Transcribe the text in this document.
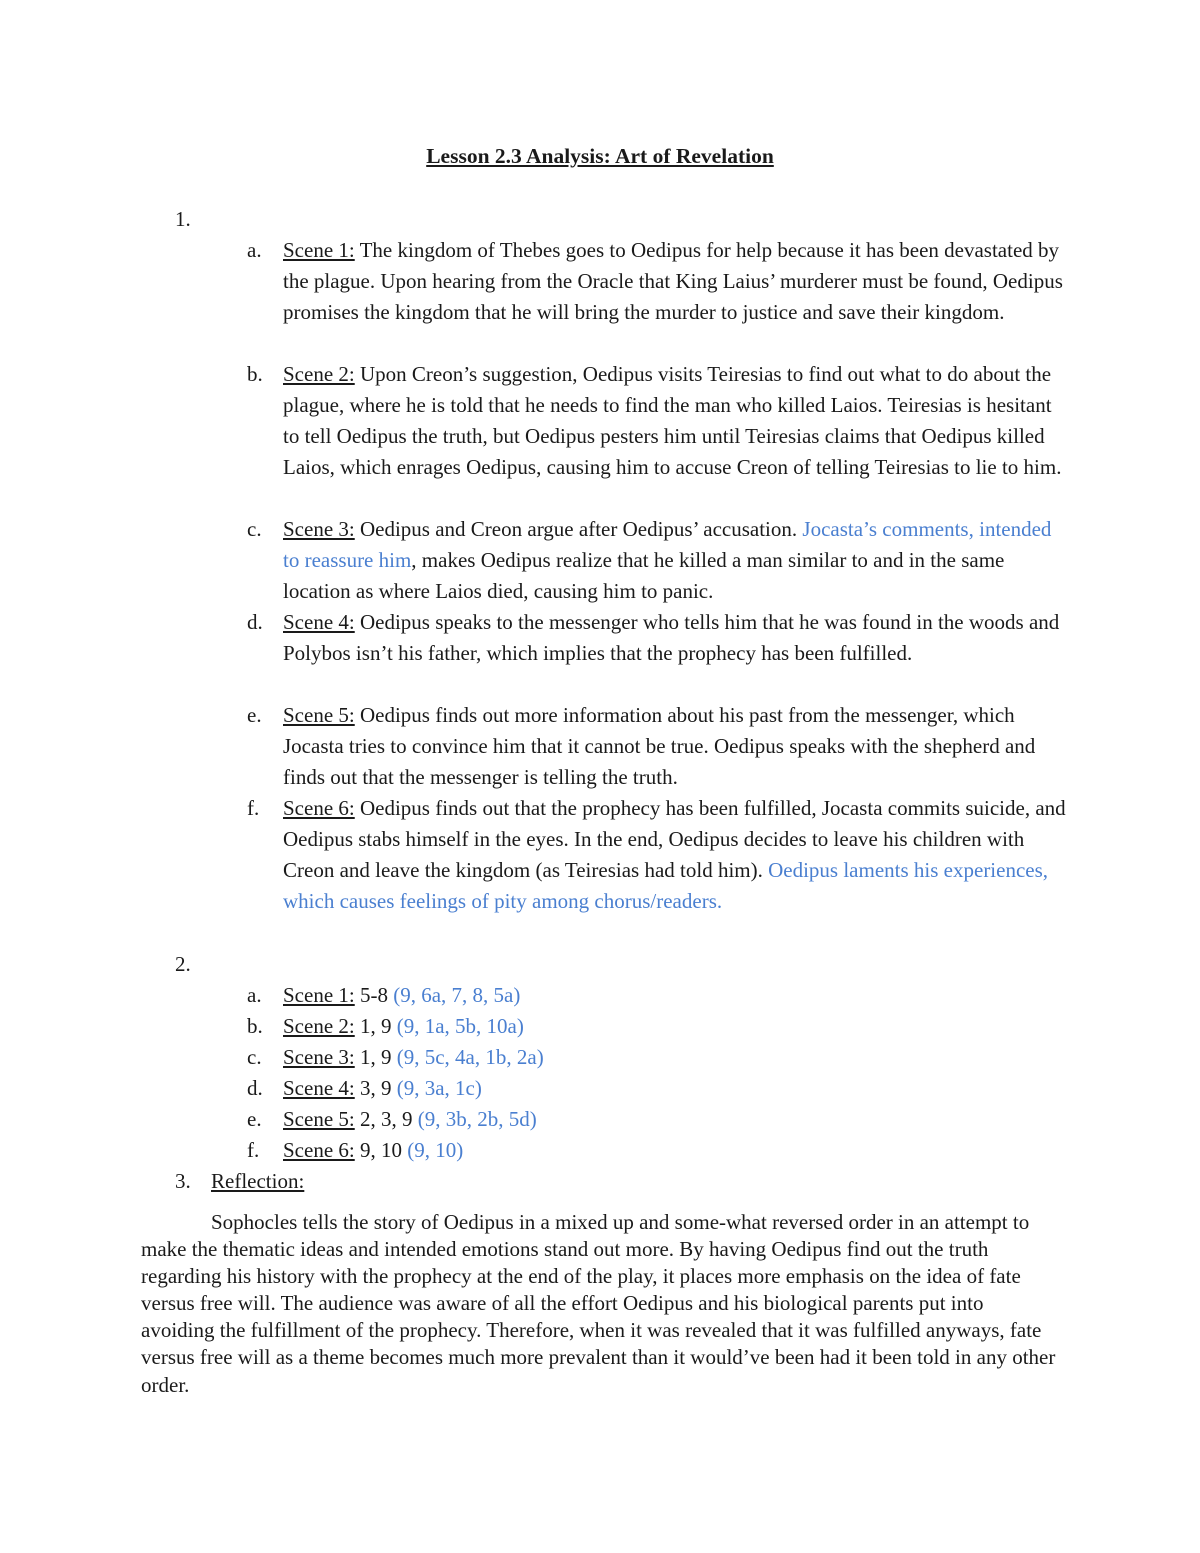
Lesson 2.3 Analysis: Art of Revelation
1.
a. Scene 1: The kingdom of Thebes goes to Oedipus for help because it has been devastated by the plague. Upon hearing from the Oracle that King Laius’ murderer must be found, Oedipus promises the kingdom that he will bring the murder to justice and save their kingdom.
b. Scene 2: Upon Creon’s suggestion, Oedipus visits Teiresias to find out what to do about the plague, where he is told that he needs to find the man who killed Laios. Teiresias is hesitant to tell Oedipus the truth, but Oedipus pesters him until Teiresias claims that Oedipus killed Laios, which enrages Oedipus, causing him to accuse Creon of telling Teiresias to lie to him.
c. Scene 3: Oedipus and Creon argue after Oedipus’ accusation. Jocasta’s comments, intended to reassure him, makes Oedipus realize that he killed a man similar to and in the same location as where Laios died, causing him to panic.
d. Scene 4: Oedipus speaks to the messenger who tells him that he was found in the woods and Polybos isn’t his father, which implies that the prophecy has been fulfilled.
e. Scene 5: Oedipus finds out more information about his past from the messenger, which Jocasta tries to convince him that it cannot be true. Oedipus speaks with the shepherd and finds out that the messenger is telling the truth.
f. Scene 6: Oedipus finds out that the prophecy has been fulfilled, Jocasta commits suicide, and Oedipus stabs himself in the eyes. In the end, Oedipus decides to leave his children with Creon and leave the kingdom (as Teiresias had told him). Oedipus laments his experiences, which causes feelings of pity among chorus/readers.
2.
a. Scene 1: 5-8 (9, 6a, 7, 8, 5a)
b. Scene 2: 1, 9 (9, 1a, 5b, 10a)
c. Scene 3: 1, 9 (9, 5c, 4a, 1b, 2a)
d. Scene 4: 3, 9 (9, 3a, 1c)
e. Scene 5: 2, 3, 9 (9, 3b, 2b, 5d)
f. Scene 6: 9, 10 (9, 10)
3. Reflection:
Sophocles tells the story of Oedipus in a mixed up and some-what reversed order in an attempt to make the thematic ideas and intended emotions stand out more. By having Oedipus find out the truth regarding his history with the prophecy at the end of the play, it places more emphasis on the idea of fate versus free will. The audience was aware of all the effort Oedipus and his biological parents put into avoiding the fulfillment of the prophecy. Therefore, when it was revealed that it was fulfilled anyways, fate versus free will as a theme becomes much more prevalent than it would’ve been had it been told in any other order.
